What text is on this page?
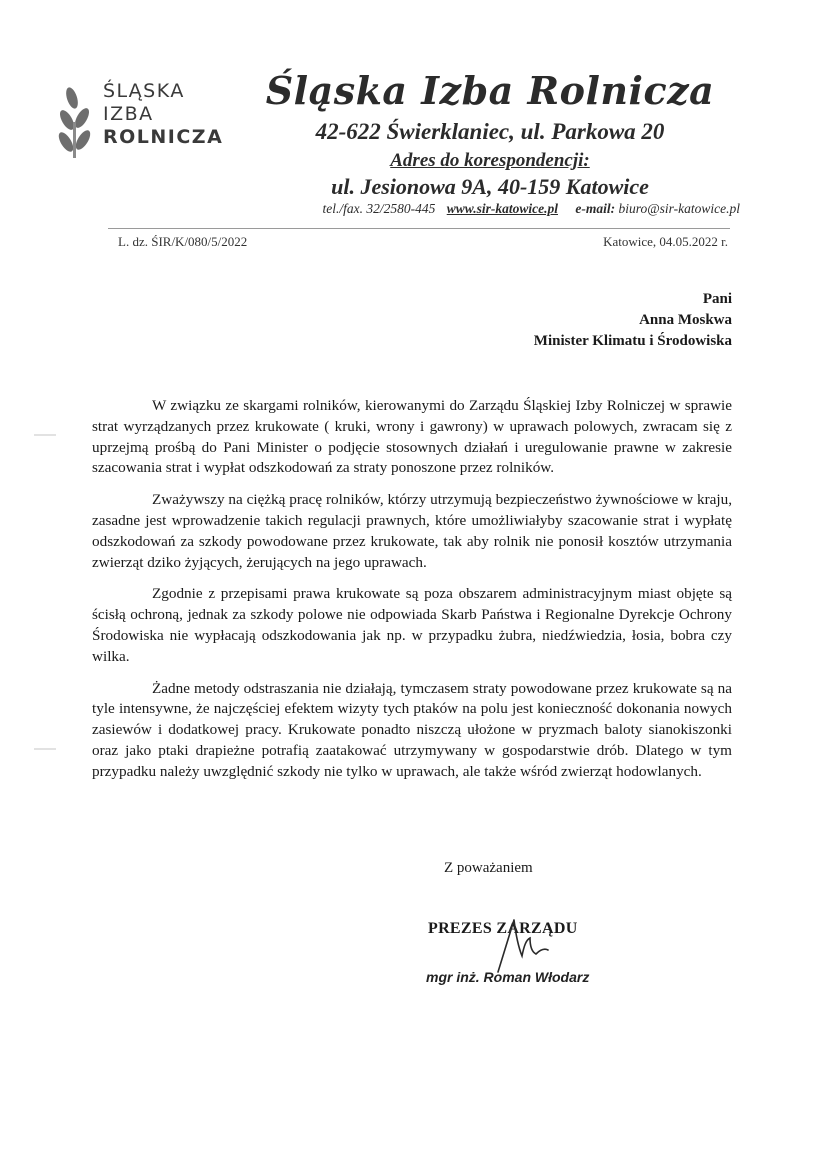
ŚLĄSKA
IZBA
ROLNICZA
Śląska Izba Rolnicza
42-622 Świerklaniec, ul. Parkowa 20
Adres do korespondencji:
ul. Jesionowa 9A, 40-159 Katowice
tel./fax. 32/2580-445 www.sir-katowice.pl e-mail: biuro@sir-katowice.pl
L. dz. ŚIR/K/080/5/2022	Katowice, 04.05.2022 r.
Pani
Anna Moskwa
Minister Klimatu i Środowiska

W związku ze skargami rolników, kierowanymi do Zarządu Śląskiej Izby Rolniczej w sprawie strat wyrządzanych przez krukowate ( kruki, wrony i gawrony) w uprawach polowych, zwracam się z uprzejmą prośbą do Pani Minister o podjęcie stosownych działań i uregulowanie prawne w zakresie szacowania strat i wypłat odszkodowań za straty ponoszone przez rolników.

Zważywszy na ciężką pracę rolników, którzy utrzymują bezpieczeństwo żywnościowe w kraju, zasadne jest wprowadzenie takich regulacji prawnych, które umożliwiałyby szacowanie strat i wypłatę odszkodowań za szkody powodowane przez krukowate, tak aby rolnik nie ponosił kosztów utrzymania zwierząt dziko żyjących, żerujących na jego uprawach.

Zgodnie z przepisami prawa krukowate są poza obszarem administracyjnym miast objęte są ścisłą ochroną, jednak za szkody polowe nie odpowiada Skarb Państwa i Regionalne Dyrekcje Ochrony Środowiska nie wypłacają odszkodowania jak np. w przypadku żubra, niedźwiedzia, łosia, bobra czy wilka.

Żadne metody odstraszania nie działają, tymczasem straty powodowane przez krukowate są na tyle intensywne, że najczęściej efektem wizyty tych ptaków na polu jest konieczność dokonania nowych zasiewów i dodatkowej pracy. Krukowate ponadto niszczą ułożone w pryzmach baloty sianokiszonki oraz jako ptaki drapieżne potrafią zaatakować utrzymywany w gospodarstwie drób. Dlatego w tym przypadku należy uwzględnić szkody nie tylko w uprawach, ale także wśród zwierząt hodowlanych.

Z poważaniem
PREZES ZARZĄDU
mgr inż. Roman Włodarz
